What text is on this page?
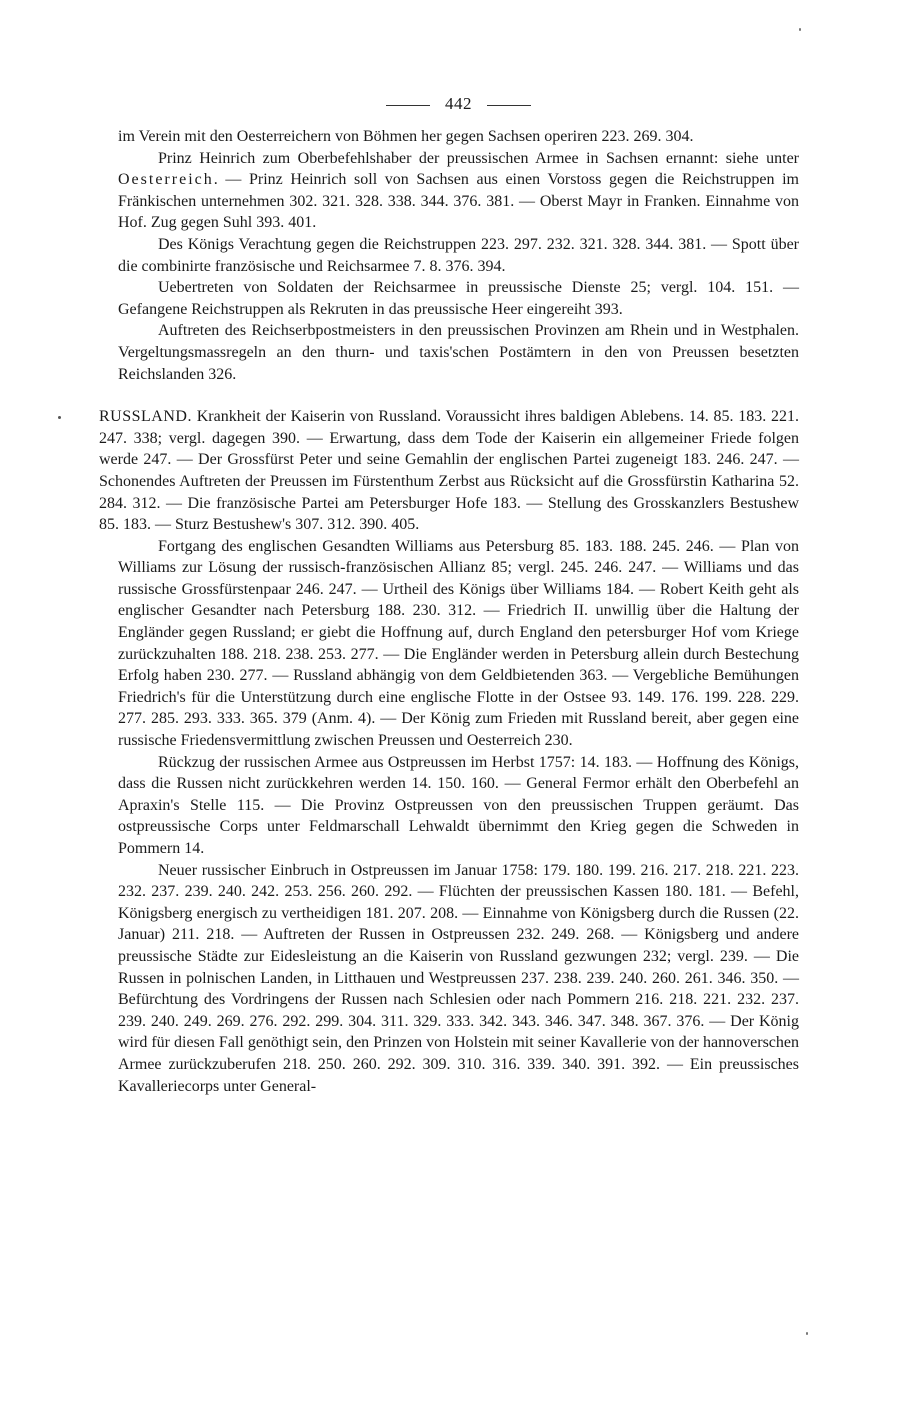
442

im Verein mit den Oesterreichern von Böhmen her gegen Sachsen operiren 223. 269. 304.

Prinz Heinrich zum Oberbefehlshaber der preussischen Armee in Sachsen ernannt: siehe unter Oesterreich. — Prinz Heinrich soll von Sachsen aus einen Vorstoss gegen die Reichstruppen im Fränkischen unternehmen 302. 321. 328. 338. 344. 376. 381. — Oberst Mayr in Franken. Einnahme von Hof. Zug gegen Suhl 393. 401.

Des Königs Verachtung gegen die Reichstruppen 223. 297. 232. 321. 328. 344. 381. — Spott über die combinirte französische und Reichsarmee 7. 8. 376. 394.

Uebertreten von Soldaten der Reichsarmee in preussische Dienste 25; vergl. 104. 151. — Gefangene Reichstruppen als Rekruten in das preussische Heer eingereiht 393.

Auftreten des Reichserbpostmeisters in den preussischen Provinzen am Rhein und in Westphalen. Vergeltungsmassregeln an den thurn- und taxis'schen Postämtern in den von Preussen besetzten Reichslanden 326.

RUSSLAND. Krankheit der Kaiserin von Russland. Voraussicht ihres baldigen Ablebens. 14. 85. 183. 221. 247. 338; vergl. dagegen 390. — Erwartung, dass dem Tode der Kaiserin ein allgemeiner Friede folgen werde 247. — Der Grossfürst Peter und seine Gemahlin der englischen Partei zugeneigt 183. 246. 247. — Schonendes Auftreten der Preussen im Fürstenthum Zerbst aus Rücksicht auf die Grossfürstin Katharina 52. 284. 312. — Die französische Partei am Petersburger Hofe 183. — Stellung des Grosskanzlers Bestushew 85. 183. — Sturz Bestushew's 307. 312. 390. 405.

Fortgang des englischen Gesandten Williams aus Petersburg 85. 183. 188. 245. 246. — Plan von Williams zur Lösung der russisch-französischen Allianz 85; vergl. 245. 246. 247. — Williams und das russische Grossfürstenpaar 246. 247. — Urtheil des Königs über Williams 184. — Robert Keith geht als englischer Gesandter nach Petersburg 188. 230. 312. — Friedrich II. unwillig über die Haltung der Engländer gegen Russland; er giebt die Hoffnung auf, durch England den petersburger Hof vom Kriege zurückzuhalten 188. 218. 238. 253. 277. — Die Engländer werden in Petersburg allein durch Bestechung Erfolg haben 230. 277. — Russland abhängig von dem Geldbietenden 363. — Vergebliche Bemühungen Friedrich's für die Unterstützung durch eine englische Flotte in der Ostsee 93. 149. 176. 199. 228. 229. 277. 285. 293. 333. 365. 379 (Anm. 4). — Der König zum Frieden mit Russland bereit, aber gegen eine russische Friedensvermittlung zwischen Preussen und Oesterreich 230.

Rückzug der russischen Armee aus Ostpreussen im Herbst 1757: 14. 183. — Hoffnung des Königs, dass die Russen nicht zurückkehren werden 14. 150. 160. — General Fermor erhält den Oberbefehl an Apraxin's Stelle 115. — Die Provinz Ostpreussen von den preussischen Truppen geräumt. Das ostpreussische Corps unter Feldmarschall Lehwaldt übernimmt den Krieg gegen die Schweden in Pommern 14.

Neuer russischer Einbruch in Ostpreussen im Januar 1758: 179. 180. 199. 216. 217. 218. 221. 223. 232. 237. 239. 240. 242. 253. 256. 260. 292. — Flüchten der preussischen Kassen 180. 181. — Befehl, Königsberg energisch zu vertheidigen 181. 207. 208. — Einnahme von Königsberg durch die Russen (22. Januar) 211. 218. — Auftreten der Russen in Ostpreussen 232. 249. 268. — Königsberg und andere preussische Städte zur Eidesleistung an die Kaiserin von Russland gezwungen 232; vergl. 239. — Die Russen in polnischen Landen, in Litthauen und Westpreussen 237. 238. 239. 240. 260. 261. 346. 350. — Befürchtung des Vordringens der Russen nach Schlesien oder nach Pommern 216. 218. 221. 232. 237. 239. 240. 249. 269. 276. 292. 299. 304. 311. 329. 333. 342. 343. 346. 347. 348. 367. 376. — Der König wird für diesen Fall genöthigt sein, den Prinzen von Holstein mit seiner Kavallerie von der hannoverschen Armee zurückzuberufen 218. 250. 260. 292. 309. 310. 316. 339. 340. 391. 392. — Ein preussisches Kavalleriecorps unter General-
